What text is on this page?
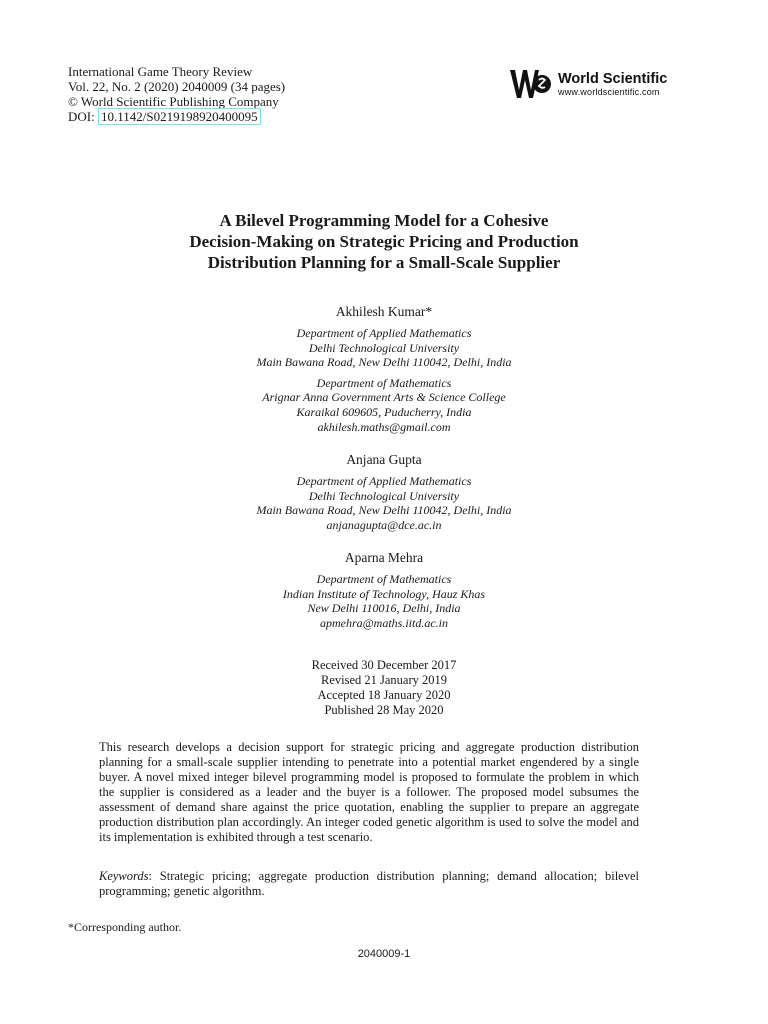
International Game Theory Review
Vol. 22, No. 2 (2020) 2040009 (34 pages)
© World Scientific Publishing Company
DOI: 10.1142/S0219198920400095
World Scientific
www.worldscientific.com
A Bilevel Programming Model for a Cohesive
Decision-Making on Strategic Pricing and Production
Distribution Planning for a Small-Scale Supplier
Akhilesh Kumar*
Department of Applied Mathematics
Delhi Technological University
Main Bawana Road, New Delhi 110042, Delhi, India
Department of Mathematics
Arignar Anna Government Arts & Science College
Karaikal 609605, Puducherry, India
akhilesh.maths@gmail.com
Anjana Gupta
Department of Applied Mathematics
Delhi Technological University
Main Bawana Road, New Delhi 110042, Delhi, India
anjanagupta@dce.ac.in
Aparna Mehra
Department of Mathematics
Indian Institute of Technology, Hauz Khas
New Delhi 110016, Delhi, India
apmehra@maths.iitd.ac.in
Received 30 December 2017
Revised 21 January 2019
Accepted 18 January 2020
Published 28 May 2020
This research develops a decision support for strategic pricing and aggregate production distribution planning for a small-scale supplier intending to penetrate into a potential market engendered by a single buyer. A novel mixed integer bilevel programming model is proposed to formulate the problem in which the supplier is considered as a leader and the buyer is a follower. The proposed model subsumes the assessment of demand share against the price quotation, enabling the supplier to prepare an aggregate production distribution plan accordingly. An integer coded genetic algorithm is used to solve the model and its implementation is exhibited through a test scenario.
Keywords: Strategic pricing; aggregate production distribution planning; demand allocation; bilevel programming; genetic algorithm.
*Corresponding author.
2040009-1
